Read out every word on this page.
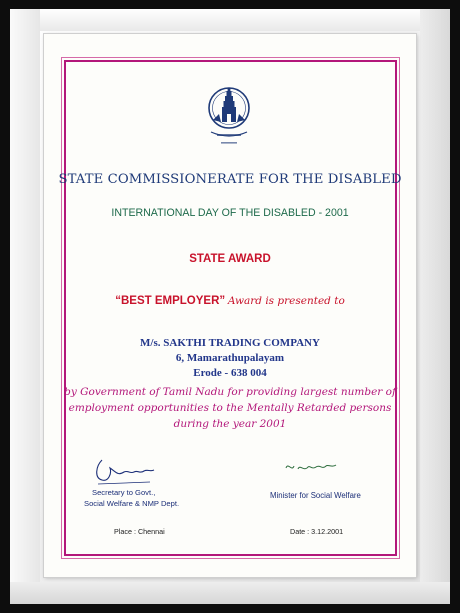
STATE COMMISSIONERATE FOR THE DISABLED
INTERNATIONAL DAY OF THE DISABLED - 2001
STATE AWARD
“BEST EMPLOYER” Award is presented to
M/s. SAKTHI TRADING COMPANY
6, Mamarathupalayam
Erode - 638 004
by Government of Tamil Nadu for providing largest number of
employment opportunities to the Mentally Retarded persons
during the year 2001
Secretary to Govt.,
Social Welfare & NMP Dept.
Minister for Social Welfare
Place : Chennai	Date : 3.12.2001
